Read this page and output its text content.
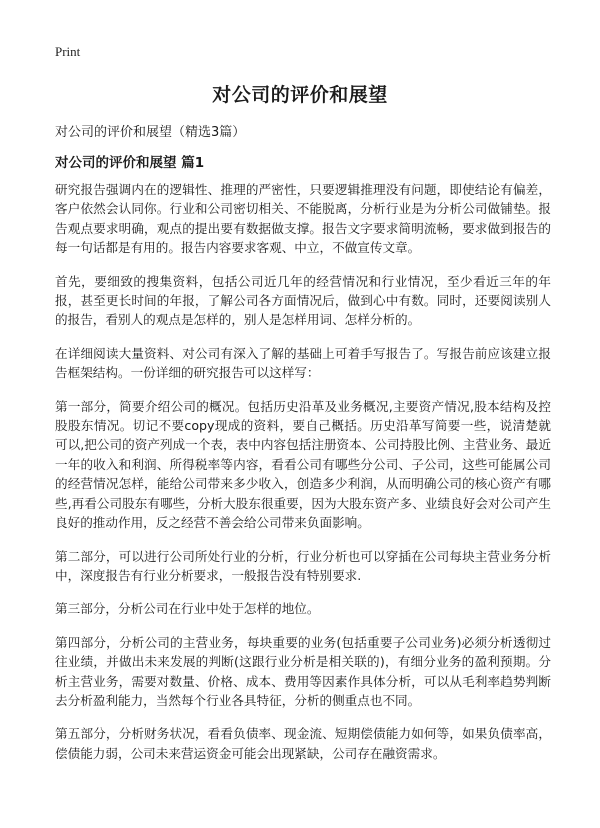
Print
对公司的评价和展望

对公司的评价和展望（精选3篇）

对公司的评价和展望 篇1

研究报告强调内在的逻辑性、推理的严密性，只要逻辑推理没有问题，即使结论有偏差，客户依然会认同你。行业和公司密切相关、不能脱离，分析行业是为分析公司做铺垫。报告观点要求明确，观点的提出要有数据做支撑。报告文字要求简明流畅，要求做到报告的每一句话都是有用的。报告内容要求客观、中立，不做宣传文章。

首先，要细致的搜集资料，包括公司近几年的经营情况和行业情况，至少看近三年的年报，甚至更长时间的年报，了解公司各方面情况后，做到心中有数。同时，还要阅读别人的报告，看别人的观点是怎样的，别人是怎样用词、怎样分析的。

在详细阅读大量资料、对公司有深入了解的基础上可着手写报告了。写报告前应该建立报告框架结构。一份详细的研究报告可以这样写：

第一部分，简要介绍公司的概况。包括历史沿革及业务概况,主要资产情况,股本结构及控股股东情况。切记不要copy现成的资料，要自己概括。历史沿革写简要一些，说清楚就可以,把公司的资产列成一个表，表中内容包括注册资本、公司持股比例、主营业务、最近一年的收入和利润、所得税率等内容，看看公司有哪些分公司、子公司，这些可能属公司的经营情况怎样，能给公司带来多少收入，创造多少利润，从而明确公司的核心资产有哪些,再看公司股东有哪些，分析大股东很重要，因为大股东资产多、业绩良好会对公司产生良好的推动作用，反之经营不善会给公司带来负面影响。

第二部分，可以进行公司所处行业的分析，行业分析也可以穿插在公司每块主营业务分析中，深度报告有行业分析要求，一般报告没有特别要求.

第三部分，分析公司在行业中处于怎样的地位。

第四部分，分析公司的主营业务，每块重要的业务(包括重要子公司业务)必须分析透彻过往业绩，并做出未来发展的判断(这跟行业分析是相关联的)，有细分业务的盈利预期。分析主营业务，需要对数量、价格、成本、费用等因素作具体分析，可以从毛利率趋势判断去分析盈利能力，当然每个行业各具特征，分析的侧重点也不同。

第五部分，分析财务状况，看看负债率、现金流、短期偿债能力如何等，如果负债率高，偿债能力弱，公司未来营运资金可能会出现紧缺，公司存在融资需求。
